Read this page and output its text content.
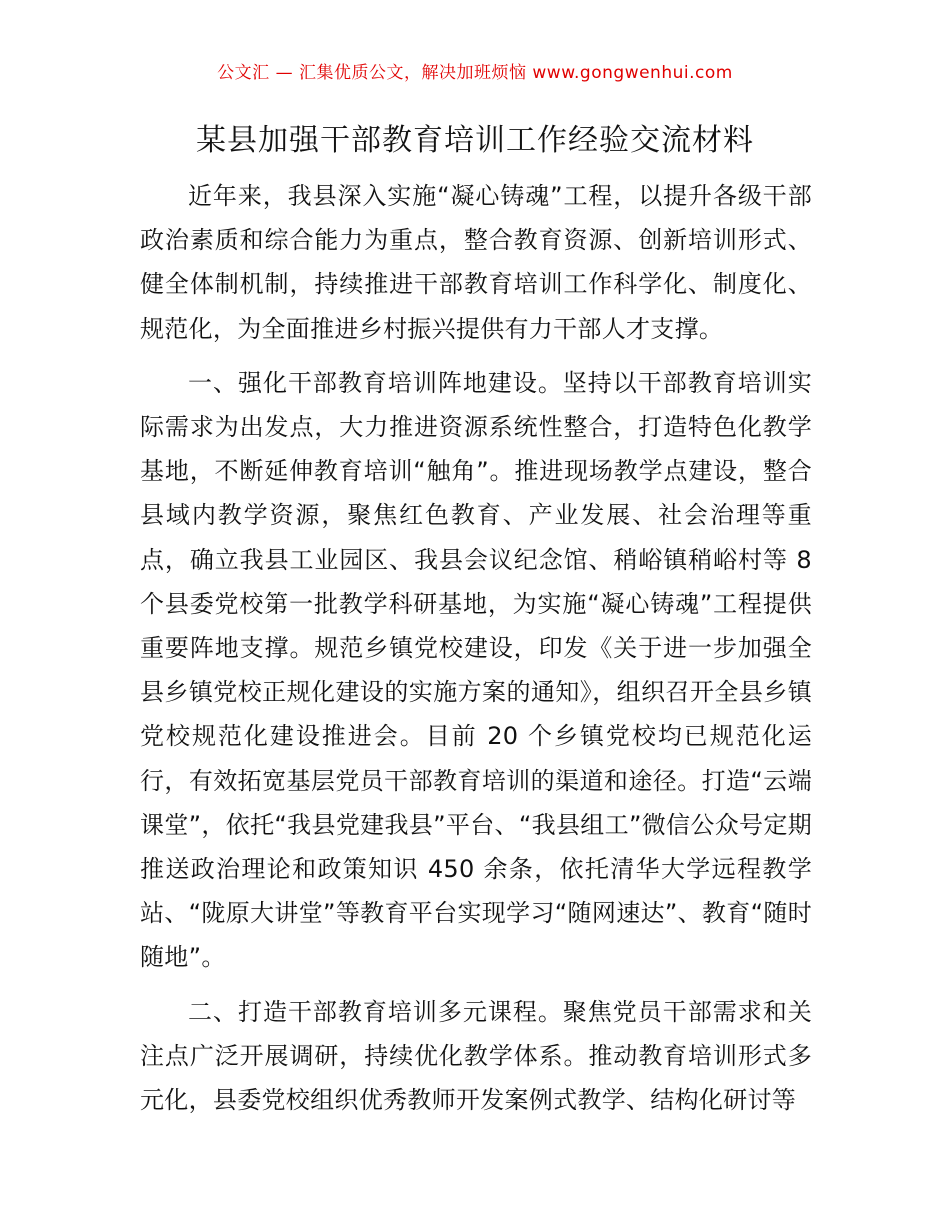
公文汇 — 汇集优质公文，解决加班烦恼 www.gongwenhui.com
某县加强干部教育培训工作经验交流材料

近年来，我县深入实施“凝心铸魂”工程，以提升各级干部政治素质和综合能力为重点，整合教育资源、创新培训形式、健全体制机制，持续推进干部教育培训工作科学化、制度化、规范化，为全面推进乡村振兴提供有力干部人才支撑。

一、强化干部教育培训阵地建设。坚持以干部教育培训实际需求为出发点，大力推进资源系统性整合，打造特色化教学基地，不断延伸教育培训“触角”。推进现场教学点建设，整合县域内教学资源，聚焦红色教育、产业发展、社会治理等重点，确立我县工业园区、我县会议纪念馆、稍峪镇稍峪村等 8 个县委党校第一批教学科研基地，为实施“凝心铸魂”工程提供重要阵地支撑。规范乡镇党校建设，印发《关于进一步加强全县乡镇党校正规化建设的实施方案的通知》，组织召开全县乡镇党校规范化建设推进会。目前 20 个乡镇党校均已规范化运行，有效拓宽基层党员干部教育培训的渠道和途径。打造“云端课堂”，依托“我县党建我县”平台、“我县组工”微信公众号定期推送政治理论和政策知识 450 余条，依托清华大学远程教学站、“陇原大讲堂”等教育平台实现学习“随网速达”、教育“随时随地”。

二、打造干部教育培训多元课程。聚焦党员干部需求和关注点广泛开展调研，持续优化教学体系。推动教育培训形式多元化，县委党校组织优秀教师开发案例式教学、结构化研讨等
